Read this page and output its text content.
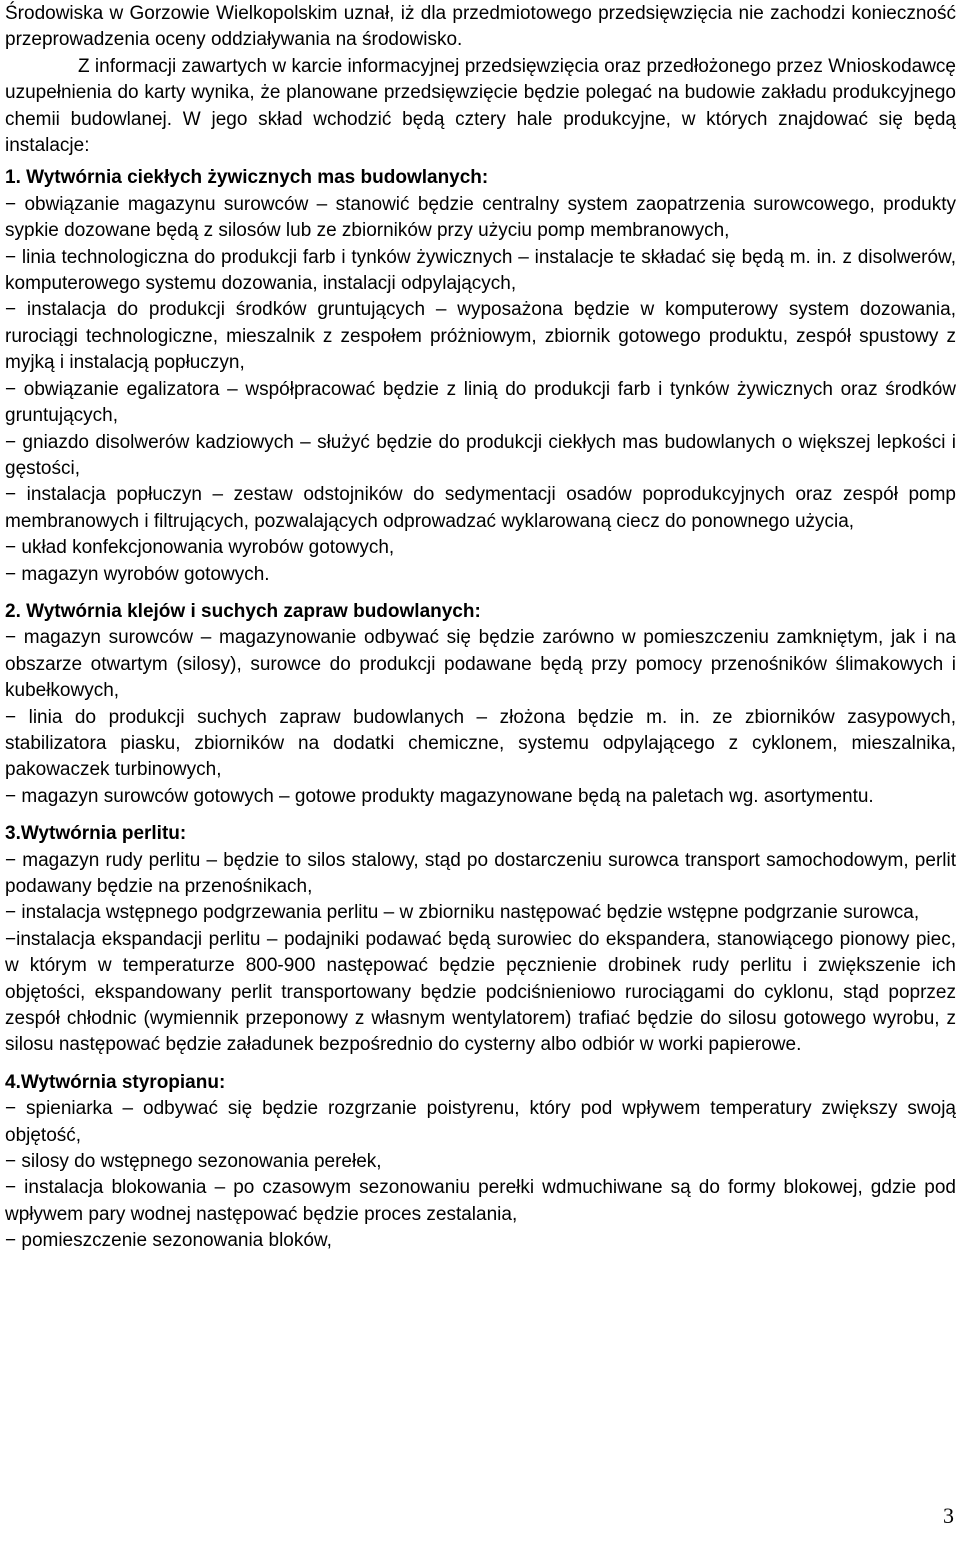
Środowiska w Gorzowie Wielkopolskim uznał, iż dla przedmiotowego przedsięwzięcia nie zachodzi konieczność przeprowadzenia oceny oddziaływania na środowisko.

Z informacji zawartych w karcie informacyjnej przedsięwzięcia oraz przedłożonego przez Wnioskodawcę uzupełnienia do karty wynika, że planowane przedsięwzięcie będzie polegać na budowie zakładu produkcyjnego chemii budowlanej. W jego skład wchodzić będą cztery hale produkcyjne, w których znajdować się będą instalacje:

1. Wytwórnia ciekłych żywicznych mas budowlanych:

− obwiązanie magazynu surowców – stanowić będzie centralny system zaopatrzenia surowcowego, produkty sypkie dozowane będą z silosów lub ze zbiorników przy użyciu pomp membranowych,

− linia technologiczna do produkcji farb i tynków żywicznych – instalacje te składać się będą m. in. z disolwerów, komputerowego systemu dozowania, instalacji odpylających,

− instalacja do produkcji środków gruntujących – wyposażona będzie w komputerowy system dozowania, rurociągi technologiczne, mieszalnik z zespołem próżniowym, zbiornik gotowego produktu, zespół spustowy z myjką i instalacją popłuczyn,

− obwiązanie egalizatora – współpracować będzie z linią do produkcji farb i tynków żywicznych oraz środków gruntujących,

− gniazdo disolwerów kadziowych – służyć będzie do produkcji ciekłych mas budowlanych o większej lepkości i gęstości,

− instalacja popłuczyn – zestaw odstojników do sedymentacji osadów poprodukcyjnych oraz zespół pomp membranowych i filtrujących, pozwalających odprowadzać wyklarowaną ciecz do ponownego użycia,

− układ konfekcjonowania wyrobów gotowych,

− magazyn wyrobów gotowych.

2. Wytwórnia klejów i suchych zapraw budowlanych:

− magazyn surowców – magazynowanie odbywać się będzie zarówno w pomieszczeniu zamkniętym, jak i na obszarze otwartym (silosy), surowce do produkcji podawane będą przy pomocy przenośników ślimakowych i kubełkowych,

− linia do produkcji suchych zapraw budowlanych – złożona będzie m. in. ze zbiorników zasypowych, stabilizatora piasku, zbiorników na dodatki chemiczne, systemu odpylającego z cyklonem, mieszalnika, pakowaczek turbinowych,

− magazyn surowców gotowych – gotowe produkty magazynowane będą na paletach wg. asortymentu.

3.Wytwórnia perlitu:

− magazyn rudy perlitu – będzie to silos stalowy, stąd po dostarczeniu surowca transport samochodowym, perlit podawany będzie na przenośnikach,

− instalacja wstępnego podgrzewania perlitu – w zbiorniku następować będzie wstępne podgrzanie surowca,

−instalacja ekspandacji perlitu – podajniki podawać będą surowiec do ekspandera, stanowiącego pionowy piec, w którym w temperaturze 800-900 następować będzie pęcznienie drobinek rudy perlitu i zwiększenie ich objętości, ekspandowany perlit transportowany będzie podciśnieniowo rurociągami do cyklonu, stąd poprzez zespół chłodnic (wymiennik przeponowy z własnym wentylatorem) trafiać będzie do silosu gotowego wyrobu, z silosu następować będzie załadunek bezpośrednio do cysterny albo odbiór w worki papierowe.

4.Wytwórnia styropianu:

− spieniarka – odbywać się będzie rozgrzanie poistyrenu, który pod wpływem temperatury zwiększy swoją objętość,

− silosy do wstępnego sezonowania perełek,

− instalacja blokowania – po czasowym sezonowaniu perełki wdmuchiwane są do formy blokowej, gdzie pod wpływem pary wodnej następować będzie proces zestalania,

− pomieszczenie sezonowania bloków,

3
